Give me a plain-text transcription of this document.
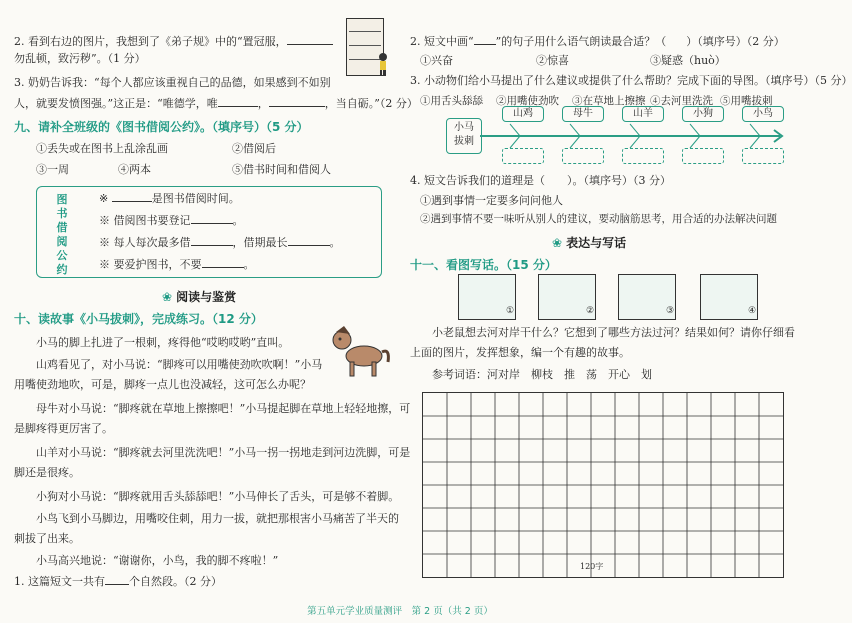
2. 看到右边的图片，我想到了《弟子规》中的“置冠服，
勿乱顿，致污秽”。（1 分）
3. 奶奶告诉我：“每个人都应该重视自己的品德，如果感到不如别
人，就要发愤图强。”这正是：“唯德学，唯	，	，当自砺。”（2 分）
九、请补全班级的《图书借阅公约》。（填序号）（5 分）
①丢失或在图书上乱涂乱画	②借阅后
③一周	④两本	⑤借书时间和借阅人
图
书
借
阅
公
约
※	是图书借阅时间。
※ 借阅图书要登记	。
※ 每人每次最多借	，借期最长	。
※ 要爱护图书，不要	。
❀ 阅读与鉴赏
十、读故事《小马拔刺》，完成练习。（12 分）
小马的脚上扎进了一根刺，疼得他“哎哟哎哟”直叫。
山鸡看见了，对小马说：“脚疼可以用嘴使劲吹吹啊！”小马
用嘴使劲地吹，可是，脚疼一点儿也没减轻，这可怎么办呢？
母牛对小马说：“脚疼就在草地上擦擦吧！”小马提起脚在草地上轻轻地擦，可
是脚疼得更厉害了。
山羊对小马说：“脚疼就去河里洗洗吧！”小马一拐一拐地走到河边洗脚，可是
脚还是很疼。
小狗对小马说：“脚疼就用舌头舔舔吧！”小马伸长了舌头，可是够不着脚。
小鸟飞到小马脚边，用嘴咬住刺，用力一拔，就把那根害小马痛苦了半天的
刺拔了出来。
小马高兴地说：“谢谢你，小鸟，我的脚不疼啦！”
1. 这篇短文一共有 个自然段。（2 分）
2. 短文中画“ ”的句子用什么语气朗读最合适？（ ）（填序号）（2 分）
①兴奋	②惊喜	③疑惑（huò）
3. 小动物们给小马提出了什么建议或提供了什么帮助？完成下面的导图。（填序号）（5 分）
①用舌头舔舔 ②用嘴使劲吹 ③在草地上擦擦 ④去河里洗洗 ⑤用嘴拔刺
小马
拔刺
山鸡	母牛	山羊	小狗	小鸟
4. 短文告诉我们的道理是（　　）。（填序号）（3 分）
①遇到事情一定要多问问他人
②遇到事情不要一味听从别人的建议，要动脑筋思考，用合适的办法解决问题
❀ 表达与写话
十一、看图写话。（15 分）
①	②	③	④
小老鼠想去河对岸干什么？它想到了哪些方法过河？结果如何？请你仔细看
上面的图片，发挥想象，编一个有趣的故事。
参考词语：河对岸　柳枝　推　荡　开心　划
120字
第五单元学业质量测评　第 2 页（共 2 页）
